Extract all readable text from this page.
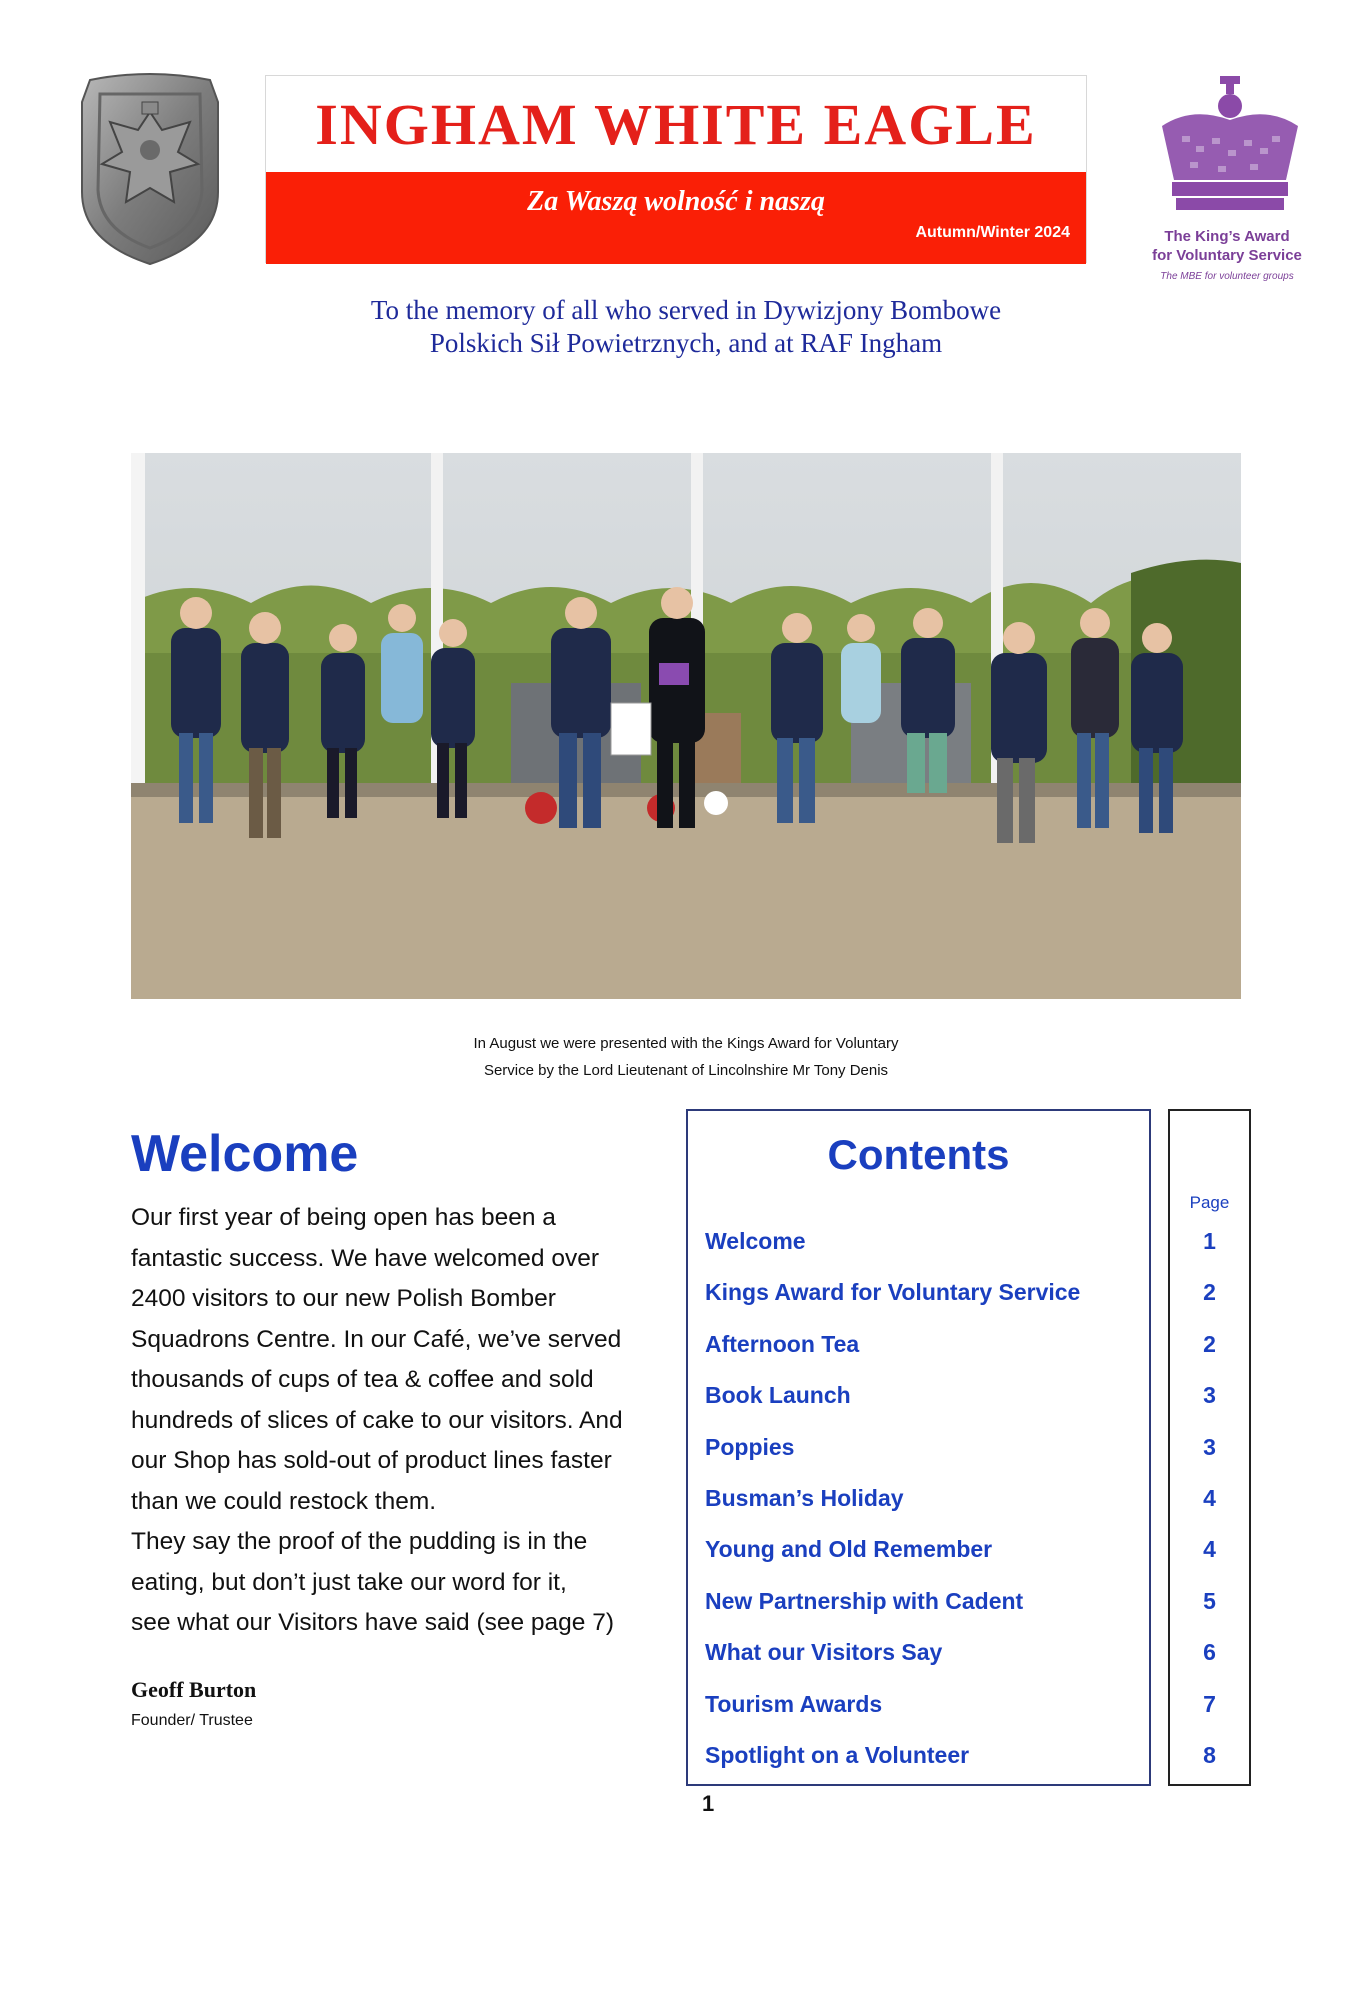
INGHAM WHITE EAGLE
Za Waszą wolność i naszą
Autumn/Winter 2024	The King’s Award
for Voluntary Service
The MBE for volunteer groups
To the memory of all who served in Dywizjony Bombowe
Polskich Sił Powietrznych, and at RAF Ingham
In August we were presented with the Kings Award for Voluntary
Service by the Lord Lieutenant of Lincolnshire Mr Tony Denis
Welcome
Our first year of being open has been a
fantastic success. We have welcomed over
2400 visitors to our new Polish Bomber
Squadrons Centre. In our Café, we’ve served
thousands of cups of tea & coffee and sold
hundreds of slices of cake to our visitors. And
our Shop has sold-out of product lines faster
than we could restock them.
They say the proof of the pudding is in the
eating, but don’t just take our word for it,
see what our Visitors have said (see page 7)
Geoff Burton
Founder/ Trustee
Contents
Welcome
Kings Award for Voluntary Service
Afternoon Tea
Book Launch
Poppies
Busman’s Holiday
Young and Old Remember
New Partnership with Cadent
What our Visitors Say
Tourism Awards
Spotlight on a Volunteer
Page
1
2
2
3
3
4
4
5
6
7
8
1
